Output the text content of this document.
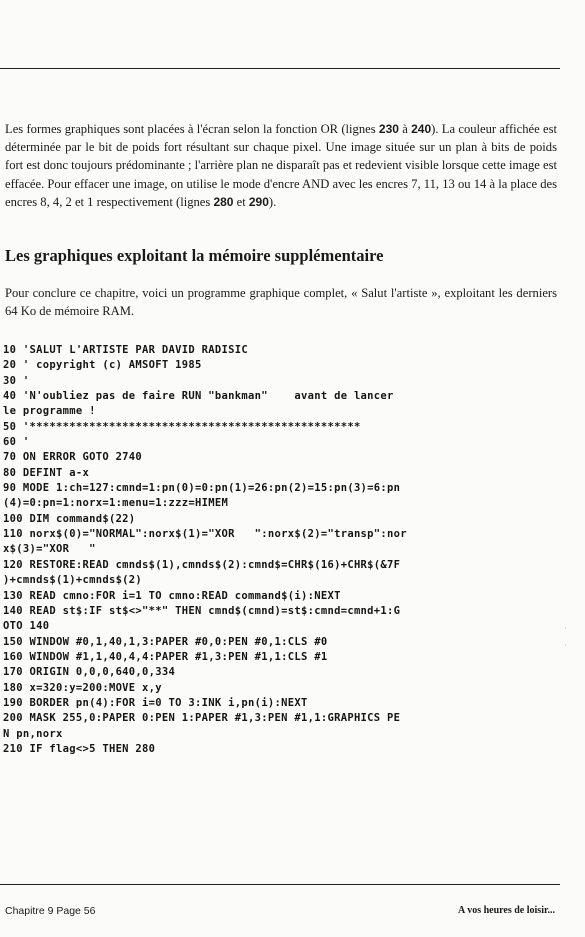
Les formes graphiques sont placées à l'écran selon la fonction OR (lignes 230 à 240). La couleur affichée est déterminée par le bit de poids fort résultant sur chaque pixel. Une image située sur un plan à bits de poids fort est donc toujours prédominante ; l'arrière plan ne disparaît pas et redevient visible lorsque cette image est effacée. Pour effacer une image, on utilise le mode d'encre AND avec les encres 7, 11, 13 ou 14 à la place des encres 8, 4, 2 et 1 respectivement (lignes 280 et 290).

Les graphiques exploitant la mémoire supplémentaire

Pour conclure ce chapitre, voici un programme graphique complet, « Salut l'artiste », exploitant les derniers 64 Ko de mémoire RAM.

10 'SALUT L'ARTISTE PAR DAVID RADISIC
20 ' copyright (c) AMSOFT 1985
30 '
40 'N'oubliez pas de faire RUN "bankman"    avant de lancer
le programme !
50 '**************************************************
60 '
70 ON ERROR GOTO 2740
80 DEFINT a-x
90 MODE 1:ch=127:cmnd=1:pn(0)=0:pn(1)=26:pn(2)=15:pn(3)=6:pn
(4)=0:pn=1:norx=1:menu=1:zzz=HIMEM
100 DIM command$(22)
110 norx$(0)="NORMAL":norx$(1)="XOR   ":norx$(2)="transp":nor
x$(3)="XOR   "
120 RESTORE:READ cmnds$(1),cmnds$(2):cmnd$=CHR$(16)+CHR$(&7F
)+cmnds$(1)+cmnds$(2)
130 READ cmno:FOR i=1 TO cmno:READ command$(i):NEXT
140 READ st$:IF st$<>"**" THEN cmnd$(cmnd)=st$:cmnd=cmnd+1:G
OTO 140
150 WINDOW #0,1,40,1,3:PAPER #0,0:PEN #0,1:CLS #0
160 WINDOW #1,1,40,4,4:PAPER #1,3:PEN #1,1:CLS #1
170 ORIGIN 0,0,0,640,0,334
180 x=320:y=200:MOVE x,y
190 BORDER pn(4):FOR i=0 TO 3:INK i,pn(i):NEXT
200 MASK 255,0:PAPER 0:PEN 1:PAPER #1,3:PEN #1,1:GRAPHICS PE
N pn,norx
210 IF flag<>5 THEN 280
˙
˙
Chapitre 9 Page 56	A vos heures de loisir...
